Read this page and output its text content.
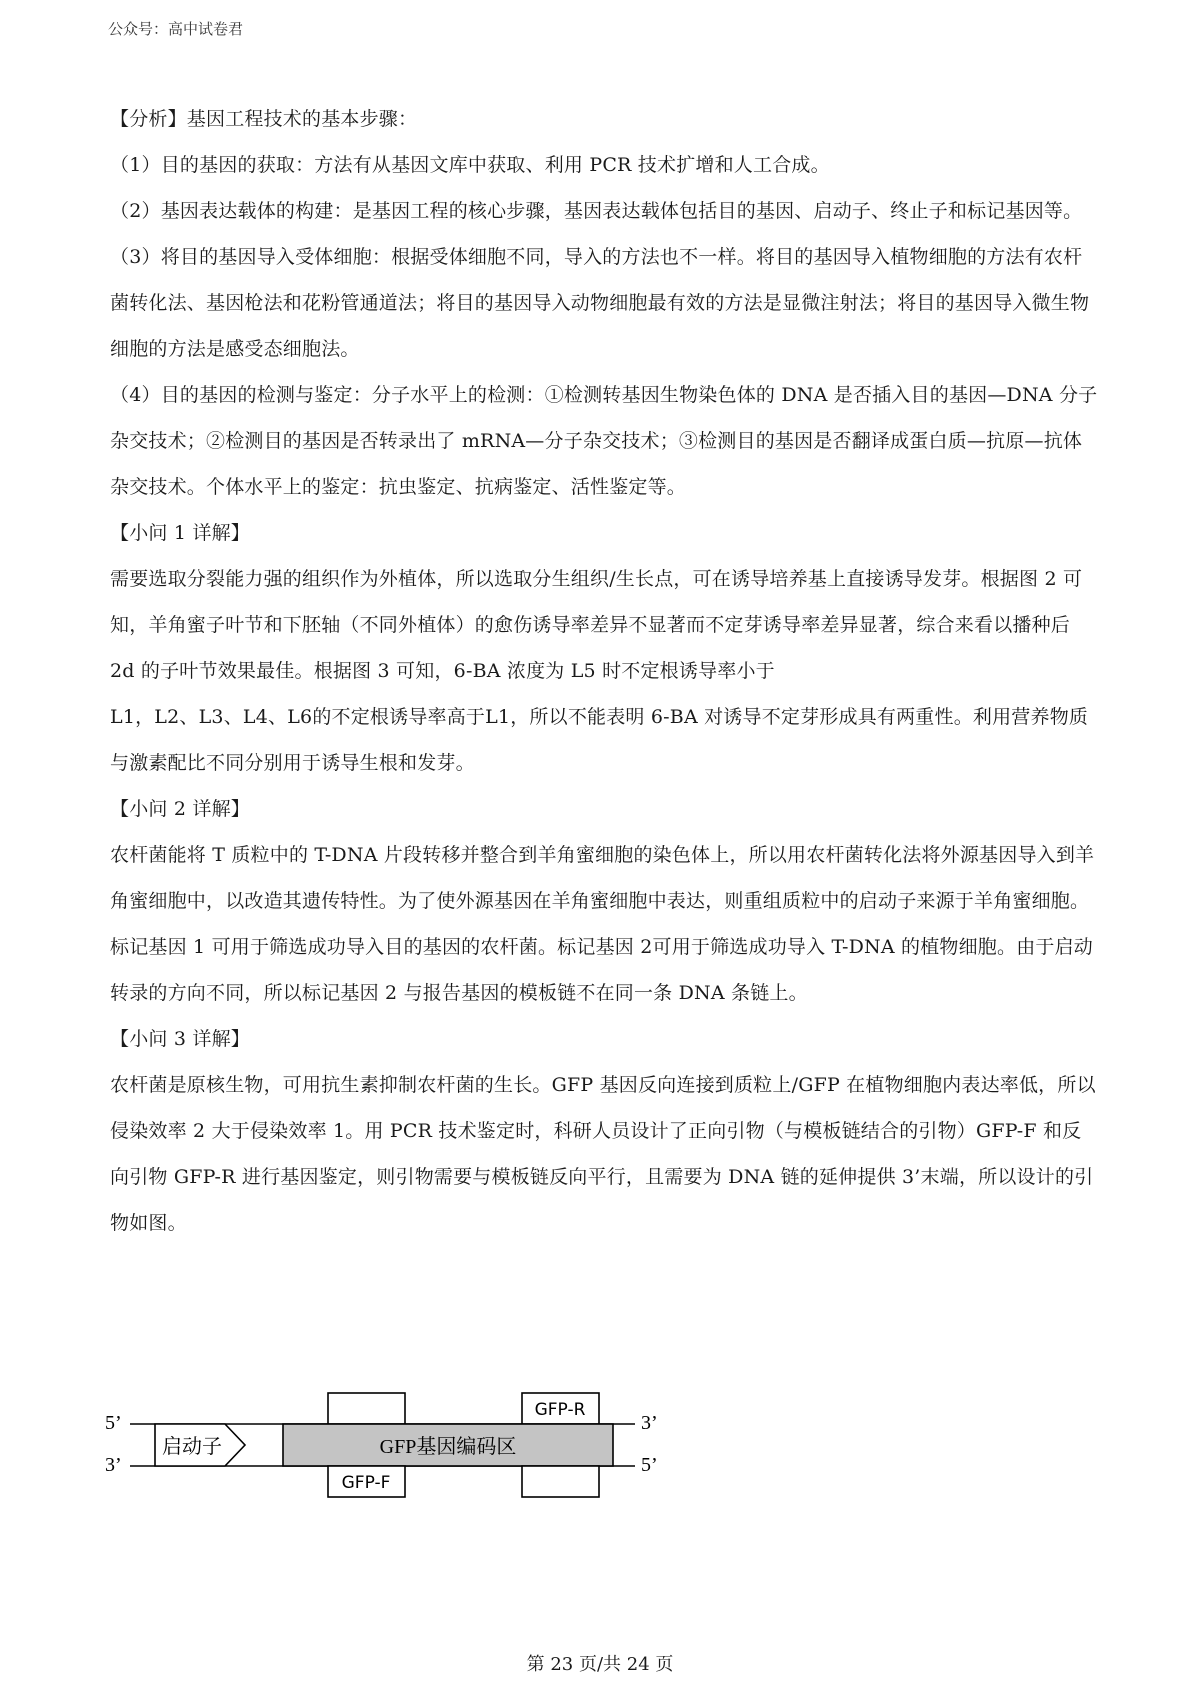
公众号：高中试卷君

【分析】基因工程技术的基本步骤：

（1）目的基因的获取：方法有从基因文库中获取、利用 PCR 技术扩增和人工合成。

（2）基因表达载体的构建：是基因工程的核心步骤，基因表达载体包括目的基因、启动子、终止子和标记基因等。

（3）将目的基因导入受体细胞：根据受体细胞不同，导入的方法也不一样。将目的基因导入植物细胞的方法有农杆菌转化法、基因枪法和花粉管通道法；将目的基因导入动物细胞最有效的方法是显微注射法；将目的基因导入微生物细胞的方法是感受态细胞法。

（4）目的基因的检测与鉴定：分子水平上的检测：①检测转基因生物染色体的 DNA 是否插入目的基因—DNA 分子杂交技术；②检测目的基因是否转录出了 mRNA—分子杂交技术；③检测目的基因是否翻译成蛋白质—抗原—抗体杂交技术。个体水平上的鉴定：抗虫鉴定、抗病鉴定、活性鉴定等。

【小问 1 详解】

需要选取分裂能力强的组织作为外植体，所以选取分生组织/生长点，可在诱导培养基上直接诱导发芽。根据图 2 可知，羊角蜜子叶节和下胚轴（不同外植体）的愈伤诱导率差异不显著而不定芽诱导率差异显著，综合来看以播种后 2d 的子叶节效果最佳。根据图 3 可知，6-BA 浓度为 L5 时不定根诱导率小于

L1，L2、L3、L4、L6的不定根诱导率高于L1，所以不能表明 6-BA 对诱导不定芽形成具有两重性。利用营养物质与激素配比不同分别用于诱导生根和发芽。

【小问 2 详解】

农杆菌能将 T 质粒中的 T-DNA 片段转移并整合到羊角蜜细胞的染色体上，所以用农杆菌转化法将外源基因导入到羊角蜜细胞中，以改造其遗传特性。为了使外源基因在羊角蜜细胞中表达，则重组质粒中的启动子来源于羊角蜜细胞。标记基因 1 可用于筛选成功导入目的基因的农杆菌。标记基因 2可用于筛选成功导入 T-DNA 的植物细胞。由于启动转录的方向不同，所以标记基因 2 与报告基因的模板链不在同一条 DNA 条链上。

【小问 3 详解】

农杆菌是原核生物，可用抗生素抑制农杆菌的生长。GFP 基因反向连接到质粒上/GFP 在植物细胞内表达率低，所以侵染效率 2 大于侵染效率 1。用 PCR 技术鉴定时，科研人员设计了正向引物（与模板链结合的引物）GFP-F 和反向引物 GFP-R 进行基因鉴定，则引物需要与模板链反向平行，且需要为 DNA 链的延伸提供 3’末端，所以设计的引物如图。

5’
3’
GFP-R
启动子	GFP基因编码区
GFP-F
3’
5’
第 23 页/共 24 页
